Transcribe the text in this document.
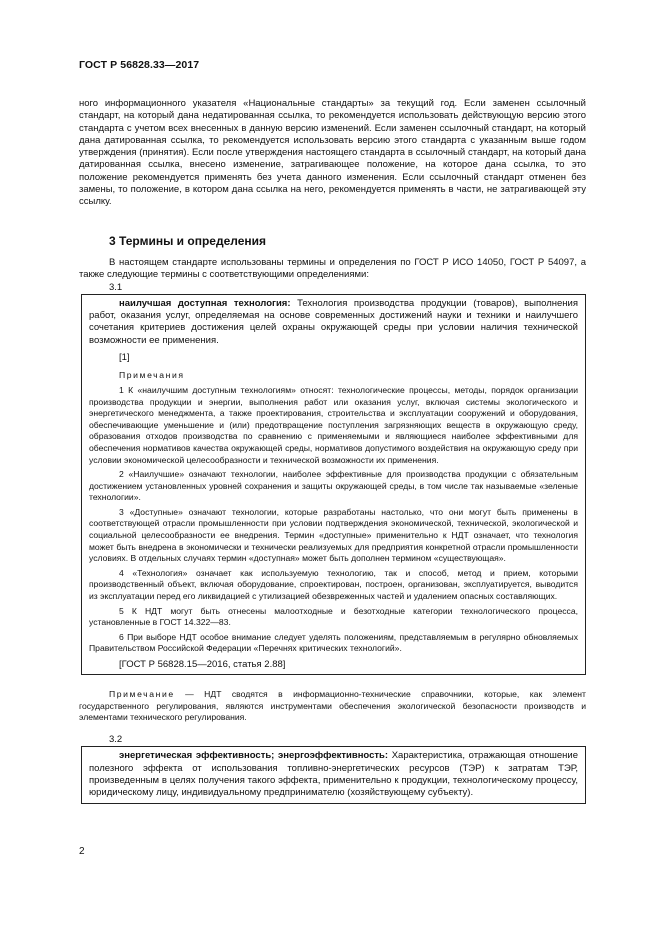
ГОСТ Р 56828.33—2017

ного информационного указателя «Национальные стандарты» за текущий год. Если заменен ссылочный стандарт, на который дана недатированная ссылка, то рекомендуется использовать действующую версию этого стандарта с учетом всех внесенных в данную версию изменений. Если заменен ссылочный стандарт, на который дана датированная ссылка, то рекомендуется использовать версию этого стандарта с указанным выше годом утверждения (принятия). Если после утверждения настоящего стандарта в ссылочный стандарт, на который дана датированная ссылка, внесено изменение, затрагивающее положение, на которое дана ссылка, то это положение рекомендуется применять без учета данного изменения. Если ссылочный стандарт отменен без замены, то положение, в котором дана ссылка на него, рекомендуется применять в части, не затрагивающей эту ссылку.

3 Термины и определения

В настоящем стандарте использованы термины и определения по ГОСТ Р ИСО 14050, ГОСТ Р 54097, а также следующие термины с соответствующими определениями:

3.1

наилучшая доступная технология: Технология производства продукции (товаров), выполнения работ, оказания услуг, определяемая на основе современных достижений науки и техники и наилучшего сочетания критериев достижения целей охраны окружающей среды при условии наличия технической возможности ее применения.

[1]

Примечания

1 К «наилучшим доступным технологиям» относят: технологические процессы, методы, порядок организации производства продукции и энергии, выполнения работ или оказания услуг, включая системы экологического и энергетического менеджмента, а также проектирования, строительства и эксплуатации сооружений и оборудования, обеспечивающие уменьшение и (или) предотвращение поступления загрязняющих веществ в окружающую среду, образования отходов производства по сравнению с применяемыми и являющиеся наиболее эффективными для обеспечения нормативов качества окружающей среды, нормативов допустимого воздействия на окружающую среду при условии экономической целесообразности и технической возможности их применения.

2 «Наилучшие» означают технологии, наиболее эффективные для производства продукции с обязательным достижением установленных уровней сохранения и защиты окружающей среды, в том числе так называемые «зеленые технологии».

3 «Доступные» означают технологии, которые разработаны настолько, что они могут быть применены в соответствующей отрасли промышленности при условии подтверждения экономической, технической, экологической и социальной целесообразности ее внедрения. Термин «доступные» применительно к НДТ означает, что технология может быть внедрена в экономически и технически реализуемых для предприятия конкретной отрасли промышленности условиях. В отдельных случаях термин «доступная» может быть дополнен термином «существующая».

4 «Технология» означает как используемую технологию, так и способ, метод и прием, которыми производственный объект, включая оборудование, спроектирован, построен, организован, эксплуатируется, выводится из эксплуатации перед его ликвидацией с утилизацией обезвреженных частей и удалением опасных составляющих.

5 К НДТ могут быть отнесены малоотходные и безотходные категории технологического процесса, установленные в ГОСТ 14.322—83.

6 При выборе НДТ особое внимание следует уделять положениям, представляемым в регулярно обновляемых Правительством Российской Федерации «Перечнях критических технологий».

[ГОСТ Р 56828.15—2016, статья 2.88]

Примечание — НДТ сводятся в информационно-технические справочники, которые, как элемент государственного регулирования, являются инструментами обеспечения экологической безопасности производств и элементами технического регулирования.

3.2

энергетическая эффективность; энергоэффективность: Характеристика, отражающая отношение полезного эффекта от использования топливно-энергетических ресурсов (ТЭР) к затратам ТЭР, произведенным в целях получения такого эффекта, применительно к продукции, технологическому процессу, юридическому лицу, индивидуальному предпринимателю (хозяйствующему субъекту).

2
